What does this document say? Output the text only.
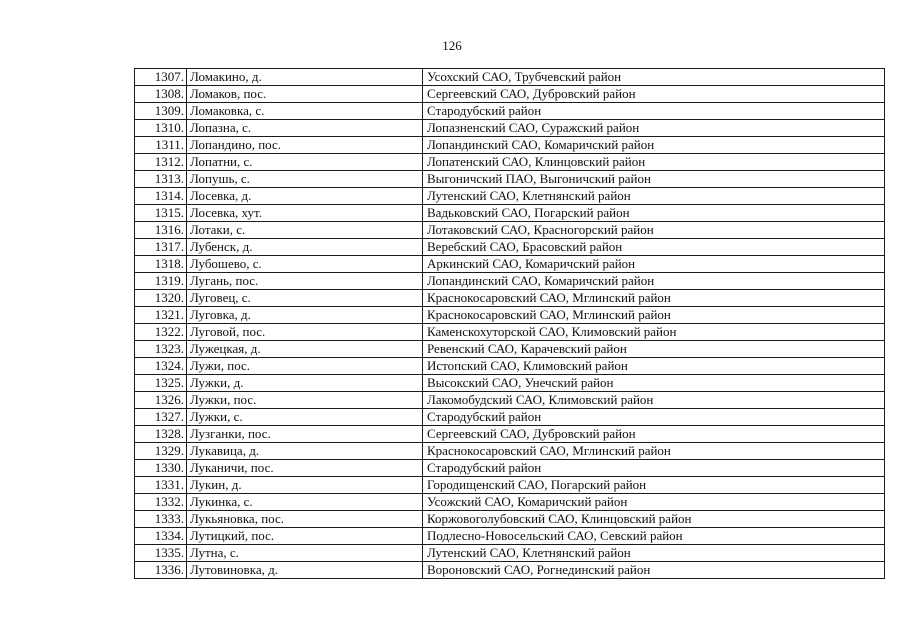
126
1307.	Ломакино, д.	Усохский САО, Трубчевский район
1308.	Ломаков, пос.	Сергеевский САО, Дубровский район
1309.	Ломаковка, с.	Стародубский район
1310.	Лопазна, с.	Лопазненский САО, Суражский район
1311.	Лопандино, пос.	Лопандинский САО, Комаричский район
1312.	Лопатни, с.	Лопатенский САО, Клинцовский район
1313.	Лопушь, с.	Выгоничский ПАО, Выгоничский район
1314.	Лосевка, д.	Лутенский САО, Клетнянский район
1315.	Лосевка, хут.	Вадьковский САО, Погарский район
1316.	Лотаки, с.	Лотаковский САО, Красногорский район
1317.	Лубенск, д.	Веребский САО, Брасовский район
1318.	Лубошево, с.	Аркинский САО, Комаричский район
1319.	Лугань, пос.	Лопандинский САО, Комаричский район
1320.	Луговец, с.	Краснокосаровский САО, Мглинский район
1321.	Луговка, д.	Краснокосаровский САО, Мглинский район
1322.	Луговой, пос.	Каменскохуторской САО, Климовский район
1323.	Лужецкая, д.	Ревенский САО, Карачевский район
1324.	Лужи, пос.	Истопский САО, Климовский район
1325.	Лужки, д.	Высокский САО, Унечский район
1326.	Лужки, пос.	Лакомобудский САО, Климовский район
1327.	Лужки, с.	Стародубский район
1328.	Лузганки, пос.	Сергеевский САО, Дубровский район
1329.	Лукавица, д.	Краснокосаровский САО, Мглинский район
1330.	Луканичи, пос.	Стародубский район
1331.	Лукин, д.	Городищенский САО, Погарский район
1332.	Лукинка, с.	Усожский САО, Комаричский район
1333.	Лукьяновка, пос.	Коржовоголубовский САО, Клинцовский район
1334.	Лутицкий, пос.	Подлесно-Новосельский САО, Севский район
1335.	Лутна, с.	Лутенский САО, Клетнянский район
1336.	Лутовиновка, д.	Вороновский САО, Рогнединский район
